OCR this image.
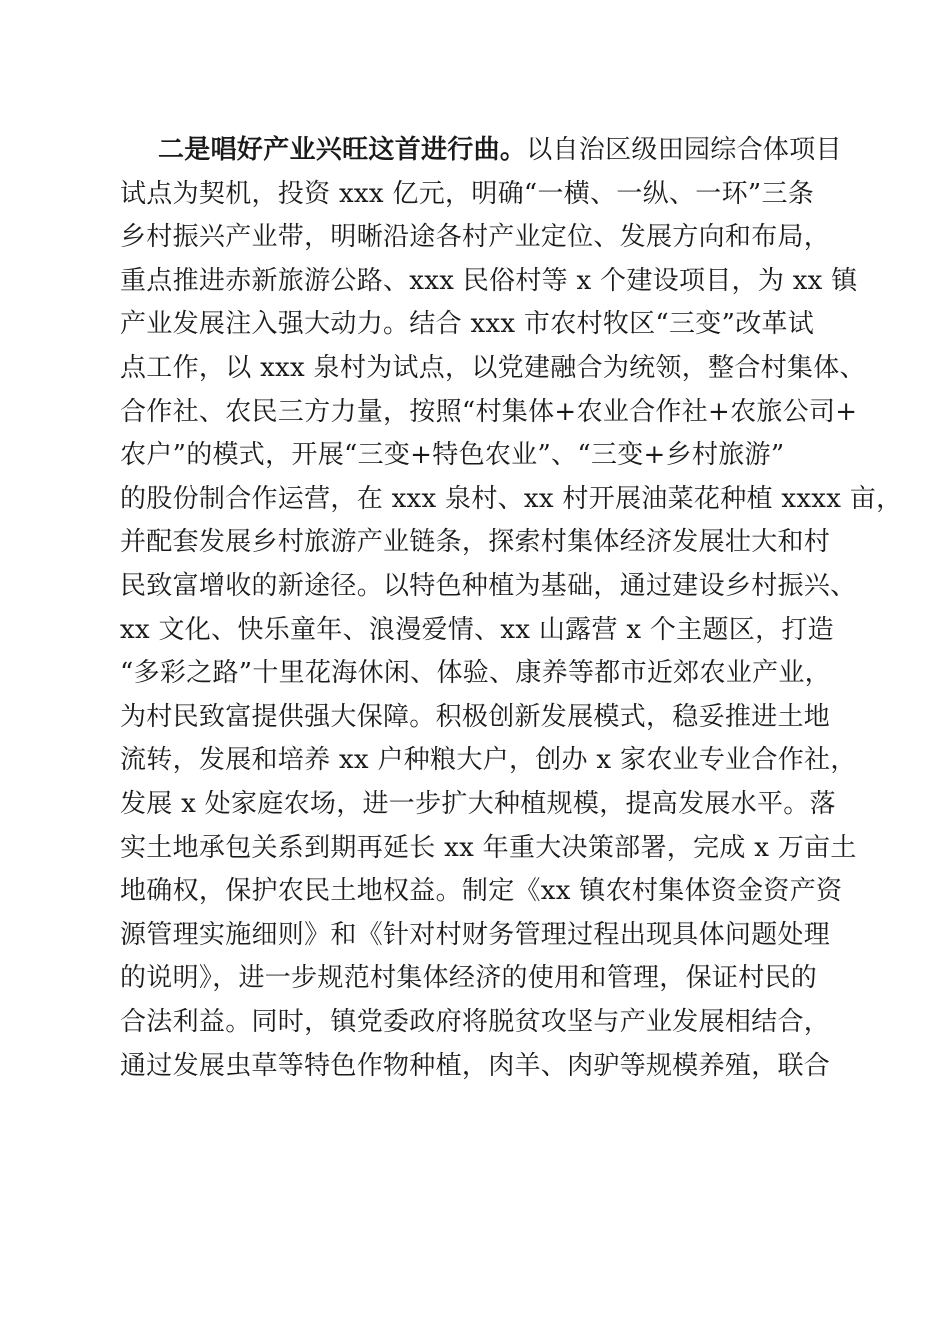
二是唱好产业兴旺这首进行曲。以自治区级田园综合体项目
试点为契机，投资 xxx 亿元，明确“一横、一纵、一环”三条
乡村振兴产业带，明晰沿途各村产业定位、发展方向和布局，
重点推进赤新旅游公路、xxx 民俗村等 x 个建设项目，为 xx 镇
产业发展注入强大动力。结合 xxx 市农村牧区“三变”改革试
点工作，以 xxx 泉村为试点，以党建融合为统领，整合村集体、
合作社、农民三方力量，按照“村集体+农业合作社+农旅公司+
农户”的模式，开展“三变+特色农业”、“三变+乡村旅游”
的股份制合作运营，在 xxx 泉村、xx 村开展油菜花种植 xxxx 亩，
并配套发展乡村旅游产业链条，探索村集体经济发展壮大和村
民致富增收的新途径。以特色种植为基础，通过建设乡村振兴、
xx 文化、快乐童年、浪漫爱情、xx 山露营 x 个主题区，打造
“多彩之路”十里花海休闲、体验、康养等都市近郊农业产业，
为村民致富提供强大保障。积极创新发展模式，稳妥推进土地
流转，发展和培养 xx 户种粮大户，创办 x 家农业专业合作社，
发展 x 处家庭农场，进一步扩大种植规模，提高发展水平。落
实土地承包关系到期再延长 xx 年重大决策部署，完成 x 万亩土
地确权，保护农民土地权益。制定《xx 镇农村集体资金资产资
源管理实施细则》和《针对村财务管理过程出现具体问题处理
的说明》，进一步规范村集体经济的使用和管理，保证村民的
合法利益。同时，镇党委政府将脱贫攻坚与产业发展相结合，
通过发展虫草等特色作物种植，肉羊、肉驴等规模养殖，联合
